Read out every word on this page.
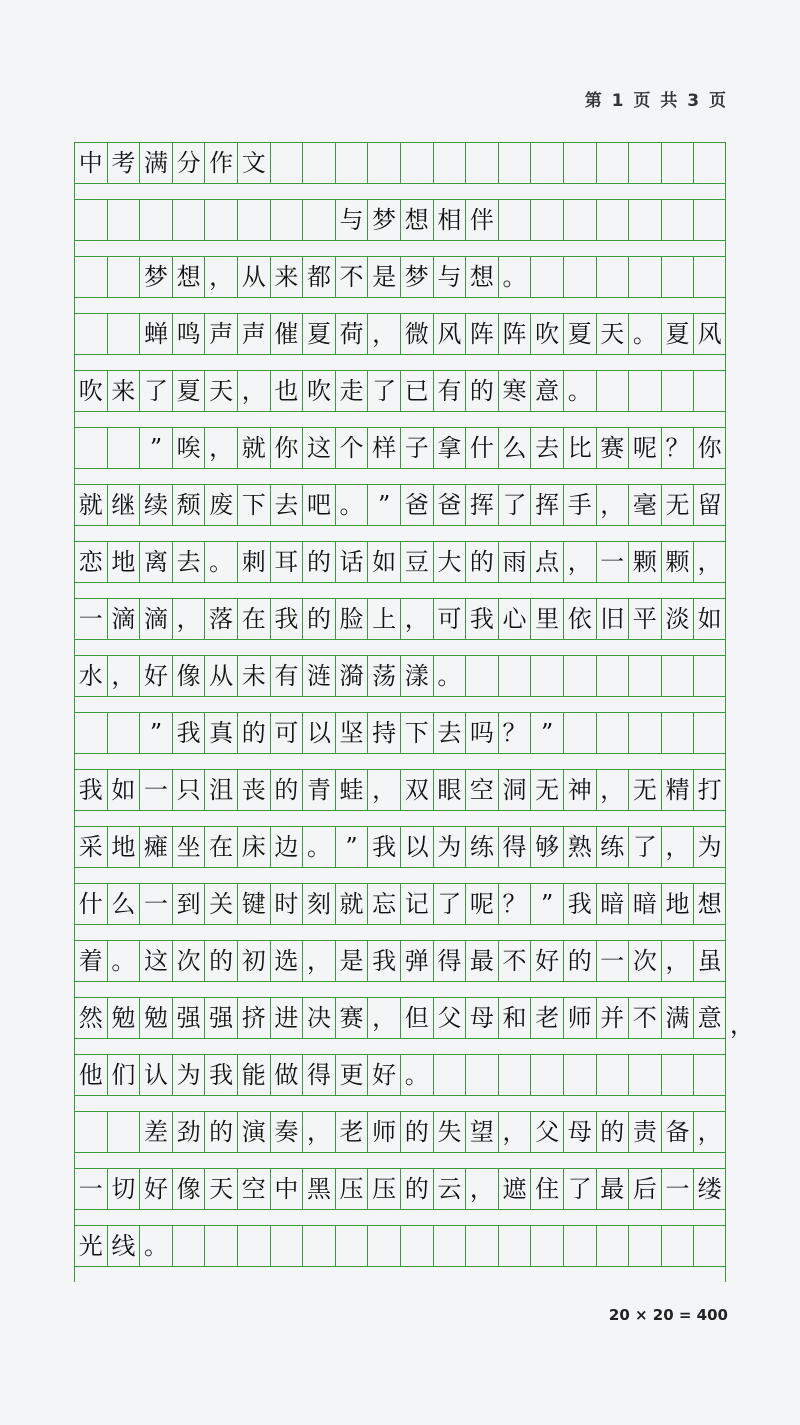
第 1 页 共 3 页
中 考 满 分 作 文
与 梦 想 相 伴
梦 想 ， 从 来 都 不 是 梦 与 想 。
蝉 鸣 声 声 催 夏 荷 ， 微 风 阵 阵 吹 夏 天 。 夏 风
吹 来 了 夏 天 ， 也 吹 走 了 已 有 的 寒 意 。
” 唉 ， 就 你 这 个 样 子 拿 什 么 去 比 赛 呢 ？ 你
就 继 续 颓 废 下 去 吧 。 ” 爸 爸 挥 了 挥 手 ， 毫 无 留
恋 地 离 去 。 刺 耳 的 话 如 豆 大 的 雨 点 ， 一 颗 颗 ，
一 滴 滴 ， 落 在 我 的 脸 上 ， 可 我 心 里 依 旧 平 淡 如
水 ， 好 像 从 未 有 涟 漪 荡 漾 。
” 我 真 的 可 以 坚 持 下 去 吗 ？ ”
我 如 一 只 沮 丧 的 青 蛙 ， 双 眼 空 洞 无 神 ， 无 精 打
采 地 瘫 坐 在 床 边 。 ” 我 以 为 练 得 够 熟 练 了 ， 为
什 么 一 到 关 键 时 刻 就 忘 记 了 呢 ？ ” 我 暗 暗 地 想
着 。 这 次 的 初 选 ， 是 我 弹 得 最 不 好 的 一 次 ， 虽
然 勉 勉 强 强 挤 进 决 赛 ， 但 父 母 和 老 师 并 不 满 意 ，
他 们 认 为 我 能 做 得 更 好 。
差 劲 的 演 奏 ， 老 师 的 失 望 ， 父 母 的 责 备 ，
一 切 好 像 天 空 中 黑 压 压 的 云 ， 遮 住 了 最 后 一 缕
光 线 。
20 × 20 = 400
